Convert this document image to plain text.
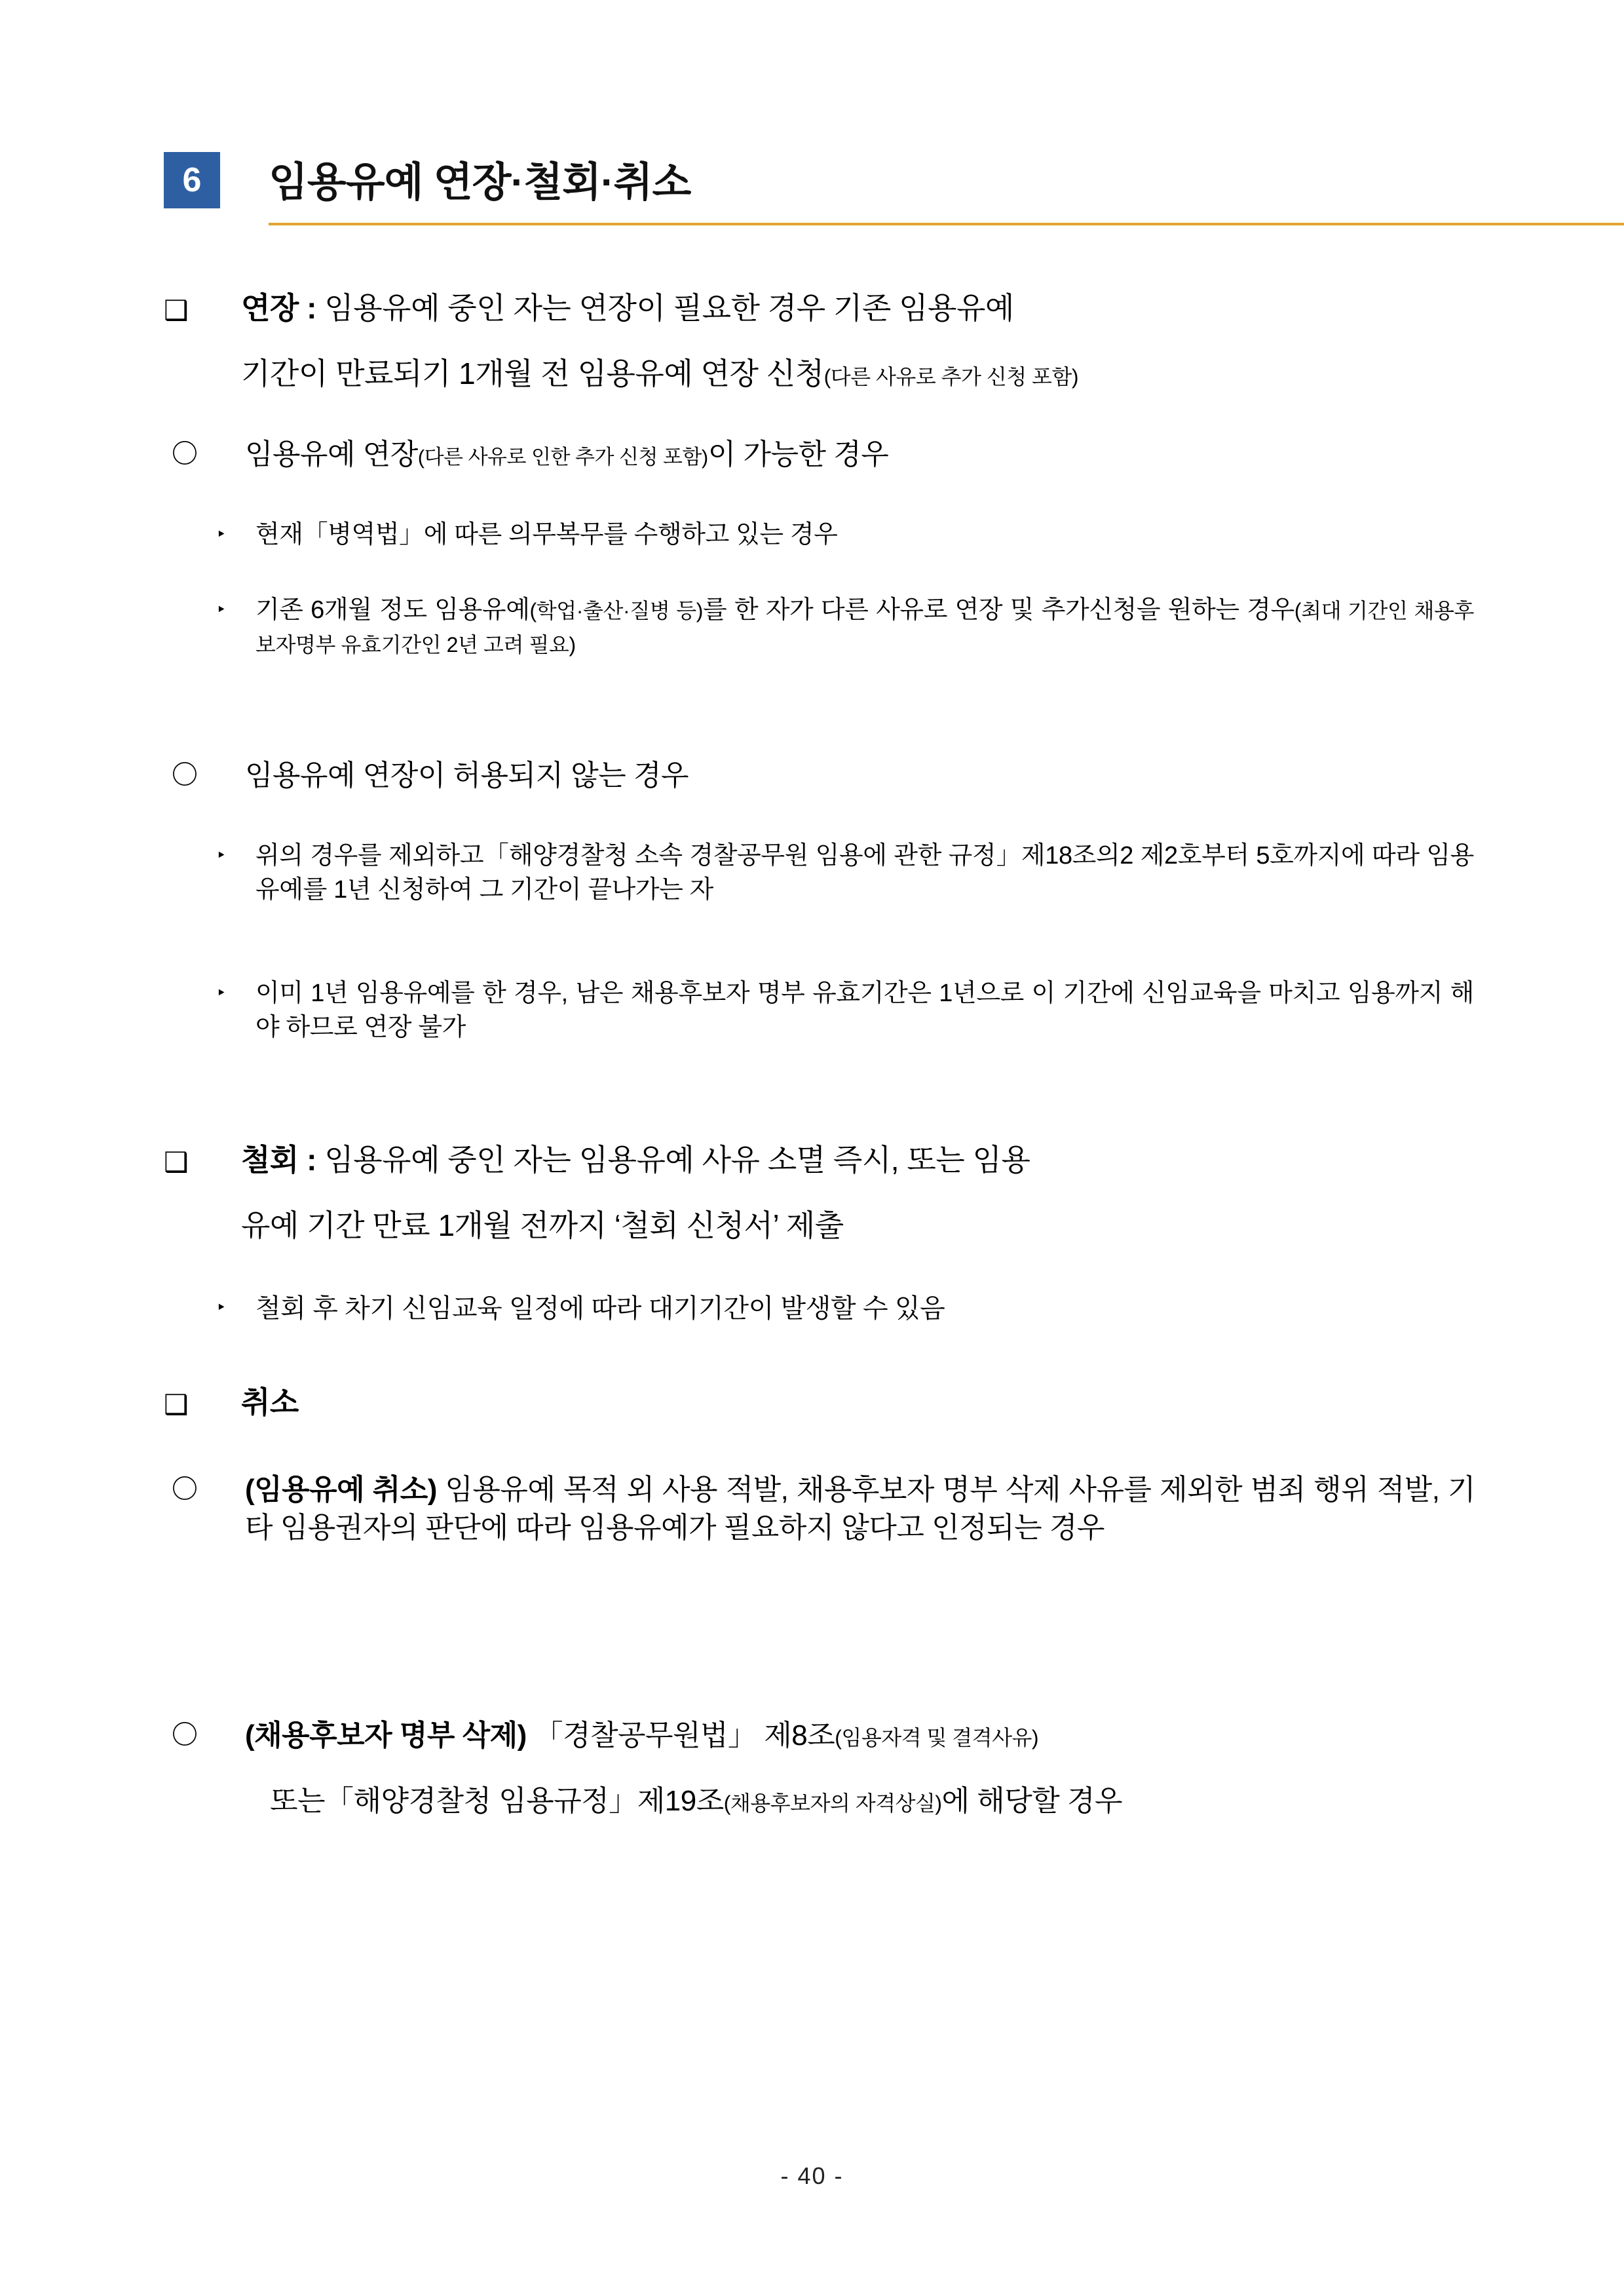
6	임용유예 연장·철회·취소
❑ 연장 : 임용유예 중인 자는 연장이 필요한 경우 기존 임용유예
기간이 만료되기 1개월 전 임용유예 연장 신청(다른 사유로 추가 신청 포함)
〇 임용유예 연장(다른 사유로 인한 추가 신청 포함)이 가능한 경우
‣ 현재「병역법」에 따른 의무복무를 수행하고 있는 경우
‣ 기존 6개월 정도 임용유예(학업·출산·질병 등)를 한 자가 다른 사유로 연장 및 추가신청을 원하는 경우(최대 기간인 채용후보자명부 유효기간인 2년 고려 필요)
〇 임용유예 연장이 허용되지 않는 경우
‣ 위의 경우를 제외하고「해양경찰청 소속 경찰공무원 임용에 관한 규정」제18조의2 제2호부터 5호까지에 따라 임용유예를 1년 신청하여 그 기간이 끝나가는 자
‣ 이미 1년 임용유예를 한 경우, 남은 채용후보자 명부 유효기간은 1년으로 이 기간에 신임교육을 마치고 임용까지 해야 하므로 연장 불가
❑ 철회 : 임용유예 중인 자는 임용유예 사유 소멸 즉시, 또는 임용
유예 기간 만료 1개월 전까지 ‘철회 신청서’ 제출
‣ 철회 후 차기 신임교육 일정에 따라 대기기간이 발생할 수 있음
❑ 취소
〇 (임용유예 취소) 임용유예 목적 외 사용 적발, 채용후보자 명부 삭제 사유를 제외한 범죄 행위 적발, 기타 임용권자의 판단에 따라 임용유예가 필요하지 않다고 인정되는 경우
〇 (채용후보자 명부 삭제) 「경찰공무원법」 제8조(임용자격 및 결격사유)
또는「해양경찰청 임용규정」제19조(채용후보자의 자격상실)에 해당할 경우
- 40 -
